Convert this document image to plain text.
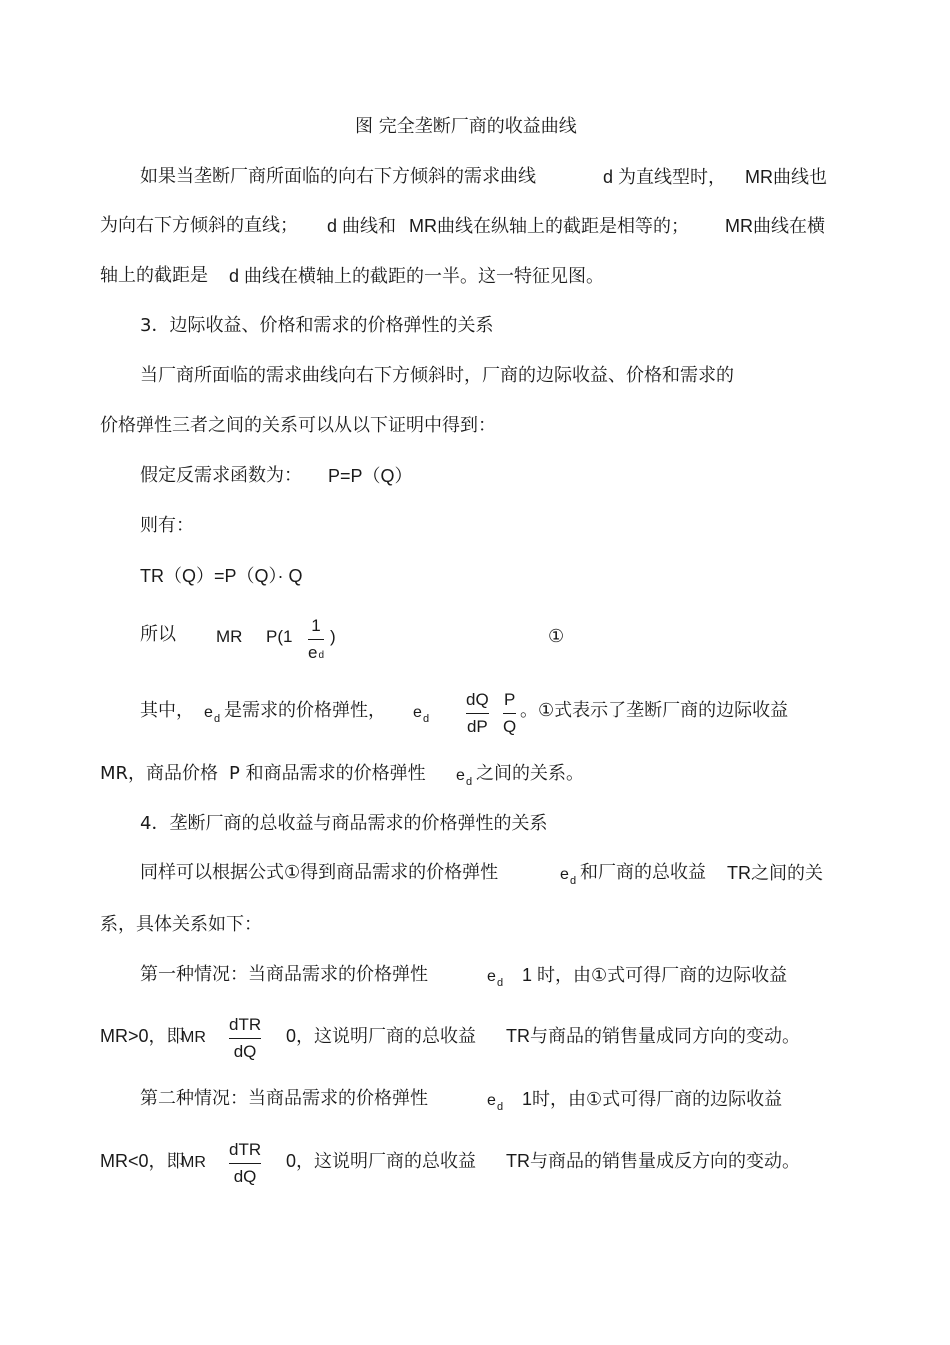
图 完全垄断厂商的收益曲线
如果当垄断厂商所面临的向右下方倾斜的需求曲线	d 为直线型时， MR曲线也
为向右下方倾斜的直线； d 曲线和 MR曲线在纵轴上的截距是相等的； MR曲线在横
轴上的截距是 d 曲线在横轴上的截距的一半。这一特征见图。
3．边际收益、价格和需求的价格弹性的关系
当厂商所面临的需求曲线向右下方倾斜时，厂商的边际收益、价格和需求的
价格弹性三者之间的关系可以从以下证明中得到：
假定反需求函数为： P=P（Q）
则有：
TR（Q）=P（Q）· Q
所以 MR P(1
1
e d
)	①
其中， e d 是需求的价格弹性， e d
dQ
dP
P
Q
。①式表示了垄断厂商的边际收益
MR，商品价格 P 和商品需求的价格弹性 e d 之间的关系。
4．垄断厂商的总收益与商品需求的价格弹性的关系
同样可以根据公式①得到商品需求的价格弹性	e d 和厂商的总收益 TR之间的关
系，具体关系如下：
第一种情况：当商品需求的价格弹性	e d 1 时，由①式可得厂商的边际收益
MR>0，即
MR
dTR
dQ
0，这说明厂商的总收益 TR与商品的销售量成同方向的变动。
第二种情况：当商品需求的价格弹性	e d 1时，由①式可得厂商的边际收益
MR<0，即
MR
dTR
dQ
0，这说明厂商的总收益 TR与商品的销售量成反方向的变动。
